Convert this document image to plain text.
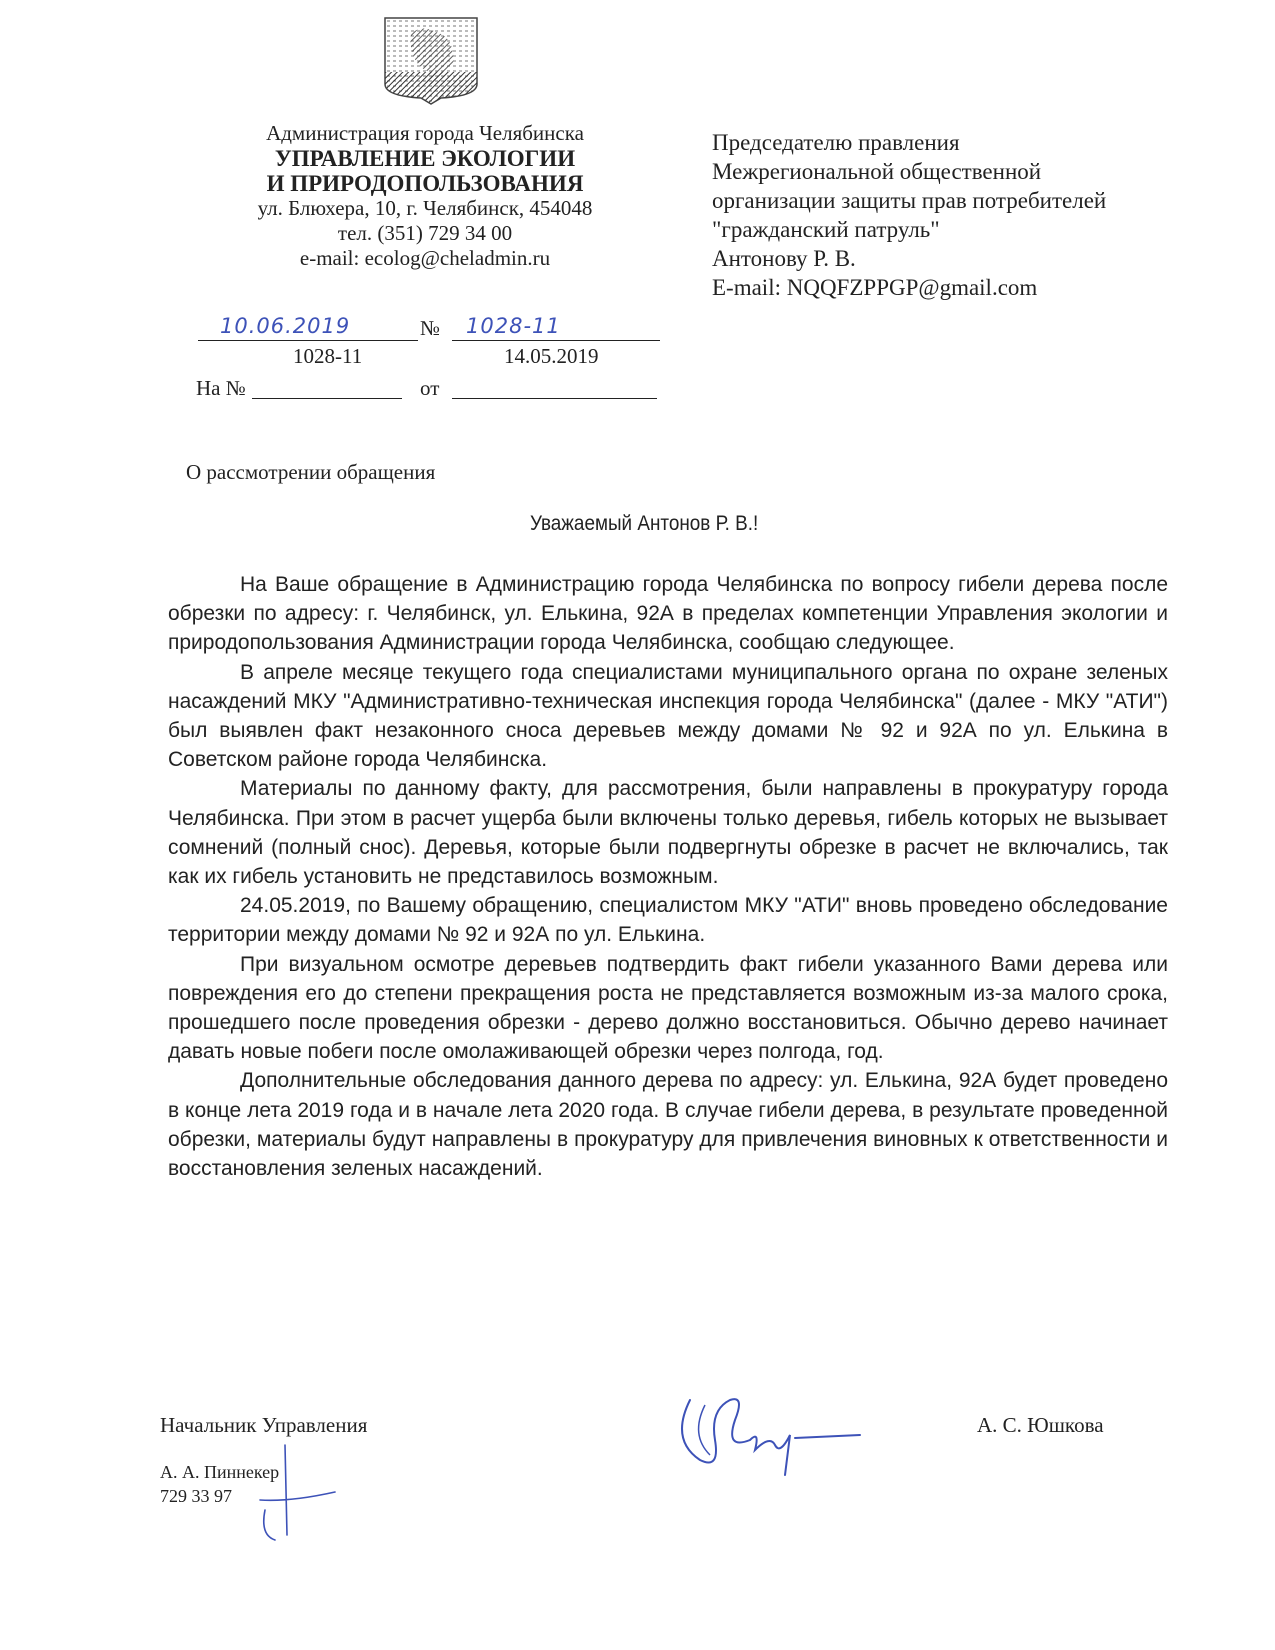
Администрация города Челябинска
УПРАВЛЕНИЕ ЭКОЛОГИИ
И ПРИРОДОПОЛЬЗОВАНИЯ
ул. Блюхера, 10, г. Челябинск, 454048
тел. (351) 729 34 00
e-mail: ecolog@cheladmin.ru
Председателю правления
Межрегиональной общественной
организации защиты прав потребителей
"гражданский патруль"
Антонову Р. В.
E-mail: NQQFZPPGP@gmail.com
10.06.2019	№ 1028-11
1028-11	14.05.2019
На №	от
О рассмотрении обращения
Уважаемый Антонов Р. В.!

На Ваше обращение в Администрацию города Челябинска по вопросу гибели дерева после обрезки по адресу: г. Челябинск, ул. Елькина, 92А в пределах компетенции Управления экологии и природопользования Администрации города Челябинска, сообщаю следующее.

В апреле месяце текущего года специалистами муниципального органа по охране зеленых насаждений МКУ "Административно-техническая инспекция города Челябинска" (далее - МКУ "АТИ") был выявлен факт незаконного сноса деревьев между домами № 92 и 92А по ул. Елькина в Советском районе города Челябинска.

Материалы по данному факту, для рассмотрения, были направлены в прокуратуру города Челябинска. При этом в расчет ущерба были включены только деревья, гибель которых не вызывает сомнений (полный снос). Деревья, которые были подвергнуты обрезке в расчет не включались, так как их гибель установить не представилось возможным.

24.05.2019, по Вашему обращению, специалистом МКУ "АТИ" вновь проведено обследование территории между домами № 92 и 92А по ул. Елькина.

При визуальном осмотре деревьев подтвердить факт гибели указанного Вами дерева или повреждения его до степени прекращения роста не представляется возможным из-за малого срока, прошедшего после проведения обрезки - дерево должно восстановиться. Обычно дерево начинает давать новые побеги после омолаживающей обрезки через полгода, год.

Дополнительные обследования данного дерева по адресу: ул. Елькина, 92А будет проведено в конце лета 2019 года и в начале лета 2020 года. В случае гибели дерева, в результате проведенной обрезки, материалы будут направлены в прокуратуру для привлечения виновных к ответственности и восстановления зеленых насаждений.

Начальник Управления	А. С. Юшкова
А. А. Пиннекер
729 33 97
